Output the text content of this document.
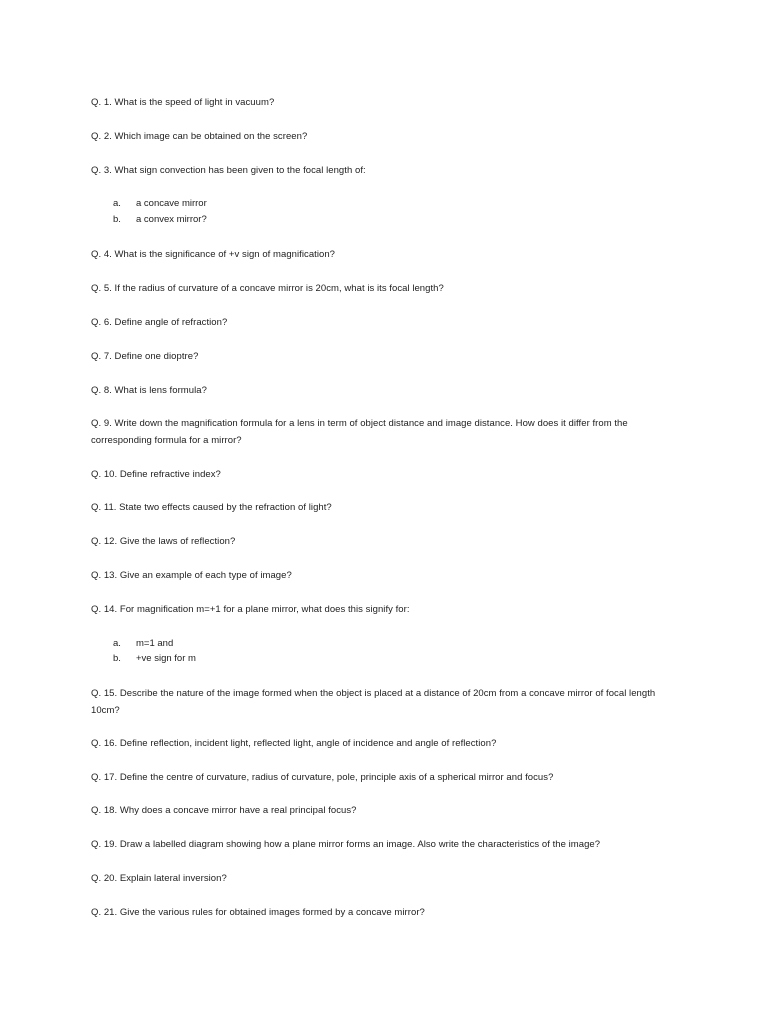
Q. 1. What is the speed of light in vacuum?

Q. 2. Which image can be obtained on the screen?

Q. 3. What sign convection has been given to the focal length of:

a. a concave mirror
b. a convex mirror?

Q. 4. What is the significance of +v sign of magnification?

Q. 5. If the radius of curvature of a concave mirror is 20cm, what is its focal length?

Q. 6. Define angle of refraction?

Q. 7. Define one dioptre?

Q. 8. What is lens formula?

Q. 9. Write down the magnification formula for a lens in term of object distance and image distance. How does it differ from the corresponding formula for a mirror?

Q. 10. Define refractive index?

Q. 11. State two effects caused by the refraction of light?

Q. 12. Give the laws of reflection?

Q. 13. Give an example of each type of image?

Q. 14. For magnification m=+1 for a plane mirror, what does this signify for:

a. m=1 and
b. +ve sign for m

Q. 15. Describe the nature of the image formed when the object is placed at a distance of 20cm from a concave mirror of focal length 10cm?

Q. 16. Define reflection, incident light, reflected light, angle of incidence and angle of reflection?

Q. 17. Define the centre of curvature, radius of curvature, pole, principle axis of a spherical mirror and focus?

Q. 18. Why does a concave mirror have a real principal focus?

Q. 19. Draw a labelled diagram showing how a plane mirror forms an image. Also write the characteristics of the image?

Q. 20. Explain lateral inversion?

Q. 21. Give the various rules for obtained images formed by a concave mirror?
